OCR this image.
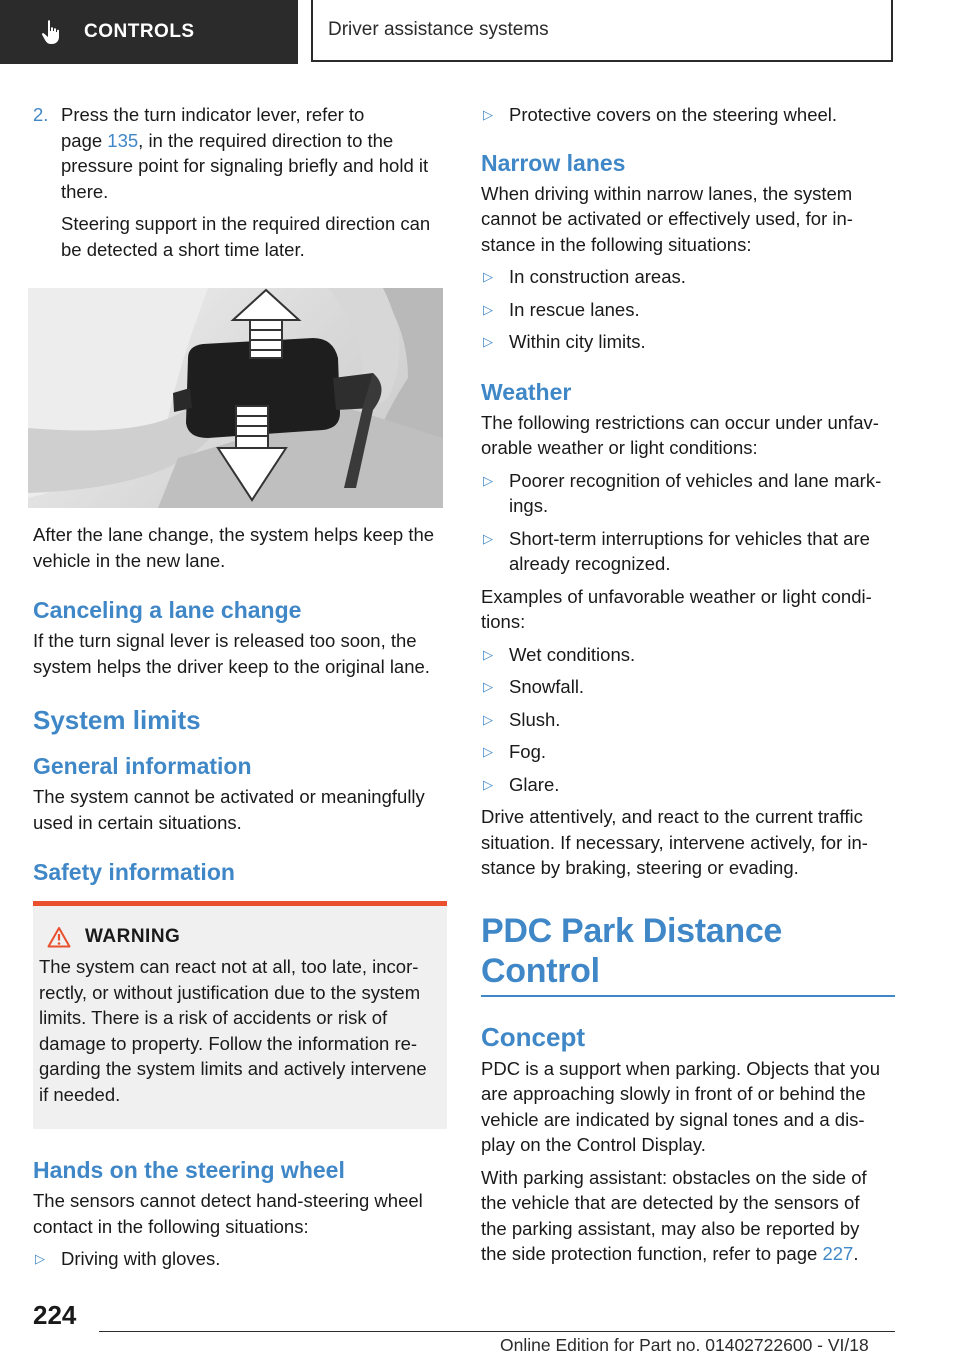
CONTROLS	Driver assistance systems
2. Press the turn indicator lever, refer to
page 135, in the required direction to the
pressure point for signaling briefly and hold it
there.

Steering support in the required direction can
be detected a short time later.

After the lane change, the system helps keep the
vehicle in the new lane.

Canceling a lane change

If the turn signal lever is released too soon, the
system helps the driver keep to the original lane.

System limits
General information

The system cannot be activated or meaningfully
used in certain situations.

Safety information
WARNING

The system can react not at all, too late, incor-
rectly, or without justification due to the system
limits. There is a risk of accidents or risk of
damage to property. Follow the information re-
garding the system limits and actively intervene
if needed.

Hands on the steering wheel

The sensors cannot detect hand-steering wheel
contact in the following situations:

▷ Driving with gloves.

▷ Protective covers on the steering wheel.

Narrow lanes

When driving within narrow lanes, the system
cannot be activated or effectively used, for in-
stance in the following situations:

▷ In construction areas.

▷ In rescue lanes.

▷ Within city limits.

Weather

The following restrictions can occur under unfav-
orable weather or light conditions:

▷ Poorer recognition of vehicles and lane mark-
ings.

▷ Short-term interruptions for vehicles that are
already recognized.

Examples of unfavorable weather or light condi-
tions:

▷ Wet conditions.

▷ Snowfall.

▷ Slush.

▷ Fog.

▷ Glare.

Drive attentively, and react to the current traffic
situation. If necessary, intervene actively, for in-
stance by braking, steering or evading.

PDC Park Distance Control
Concept

PDC is a support when parking. Objects that you
are approaching slowly in front of or behind the
vehicle are indicated by signal tones and a dis-
play on the Control Display.

With parking assistant: obstacles on the side of
the vehicle that are detected by the sensors of
the parking assistant, may also be reported by
the side protection function, refer to page 227.

224
Online Edition for Part no. 01402722600 - VI/18
